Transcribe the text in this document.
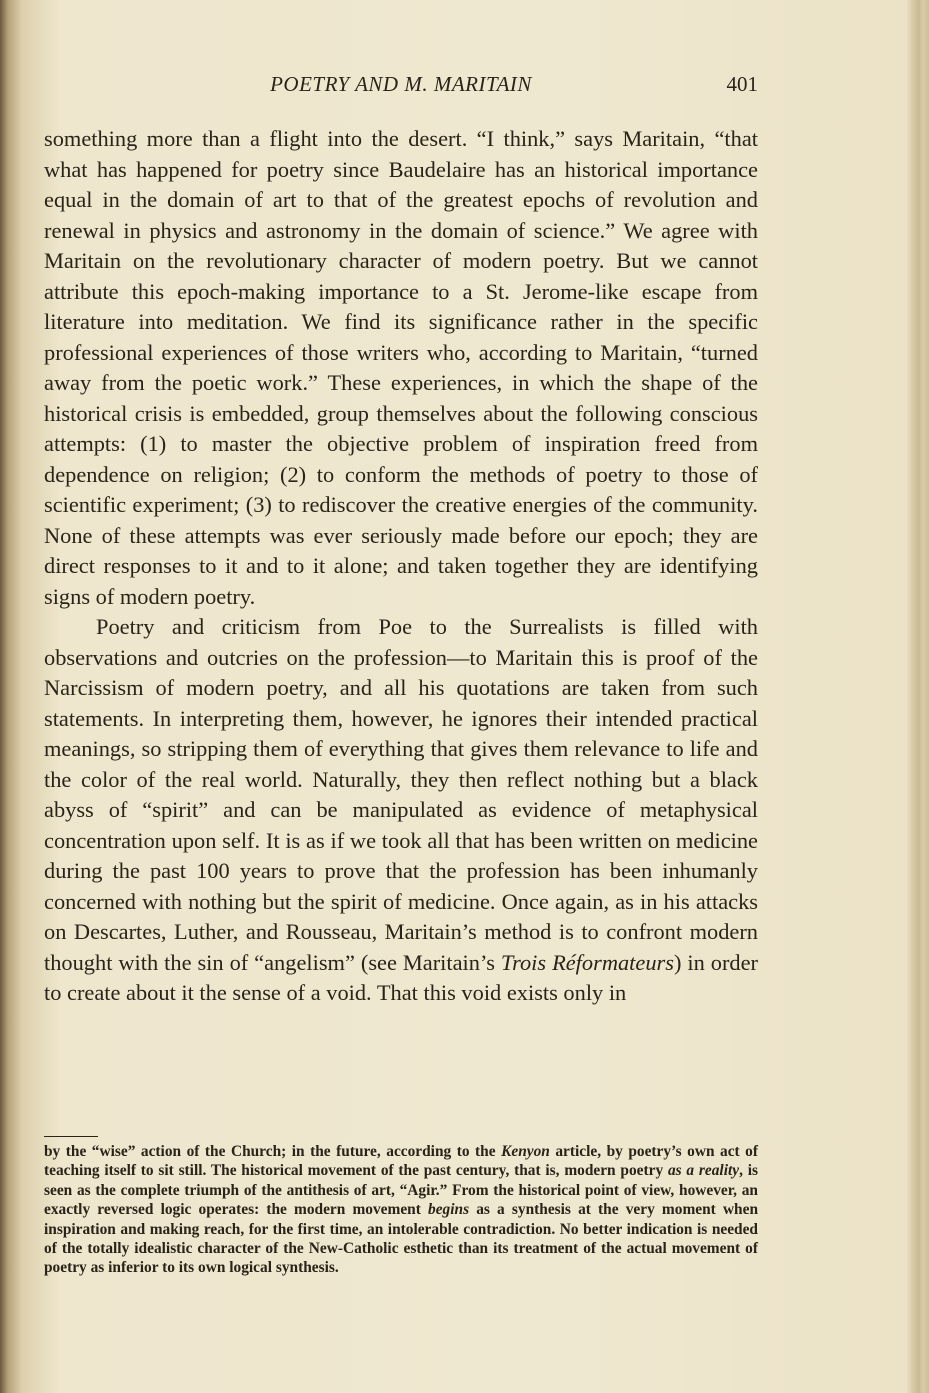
POETRY AND M. MARITAIN	401

something more than a flight into the desert. “I think,” says Maritain, “that what has happened for poetry since Baudelaire has an historical importance equal in the domain of art to that of the greatest epochs of revolution and renewal in physics and astronomy in the domain of science.” We agree with Maritain on the revolutionary character of modern poetry. But we cannot attribute this epoch-making importance to a St. Jerome-like escape from literature into meditation. We find its significance rather in the specific professional experiences of those writers who, according to Maritain, “turned away from the poetic work.” These experiences, in which the shape of the historical crisis is embedded, group themselves about the following conscious attempts: (1) to master the objective problem of inspiration freed from dependence on religion; (2) to conform the methods of poetry to those of scientific experiment; (3) to rediscover the creative energies of the community. None of these attempts was ever seriously made before our epoch; they are direct responses to it and to it alone; and taken together they are identifying signs of modern poetry.

Poetry and criticism from Poe to the Surrealists is filled with observations and outcries on the profession—to Maritain this is proof of the Narcissism of modern poetry, and all his quotations are taken from such statements. In interpreting them, however, he ignores their intended practical meanings, so stripping them of everything that gives them relevance to life and the color of the real world. Naturally, they then reflect nothing but a black abyss of “spirit” and can be manipulated as evidence of metaphysical concentration upon self. It is as if we took all that has been written on medicine during the past 100 years to prove that the profession has been inhumanly concerned with nothing but the spirit of medicine. Once again, as in his attacks on Descartes, Luther, and Rousseau, Maritain’s method is to confront modern thought with the sin of “angelism” (see Maritain’s Trois Réformateurs) in order to create about it the sense of a void. That this void exists only in

by the “wise” action of the Church; in the future, according to the Kenyon article, by poetry’s own act of teaching itself to sit still. The historical movement of the past century, that is, modern poetry as a reality, is seen as the complete triumph of the antithesis of art, “Agir.” From the historical point of view, however, an exactly reversed logic operates: the modern movement begins as a synthesis at the very moment when inspiration and making reach, for the first time, an intolerable contradiction. No better indication is needed of the totally idealistic character of the New-Catholic esthetic than its treatment of the actual movement of poetry as inferior to its own logical synthesis.
